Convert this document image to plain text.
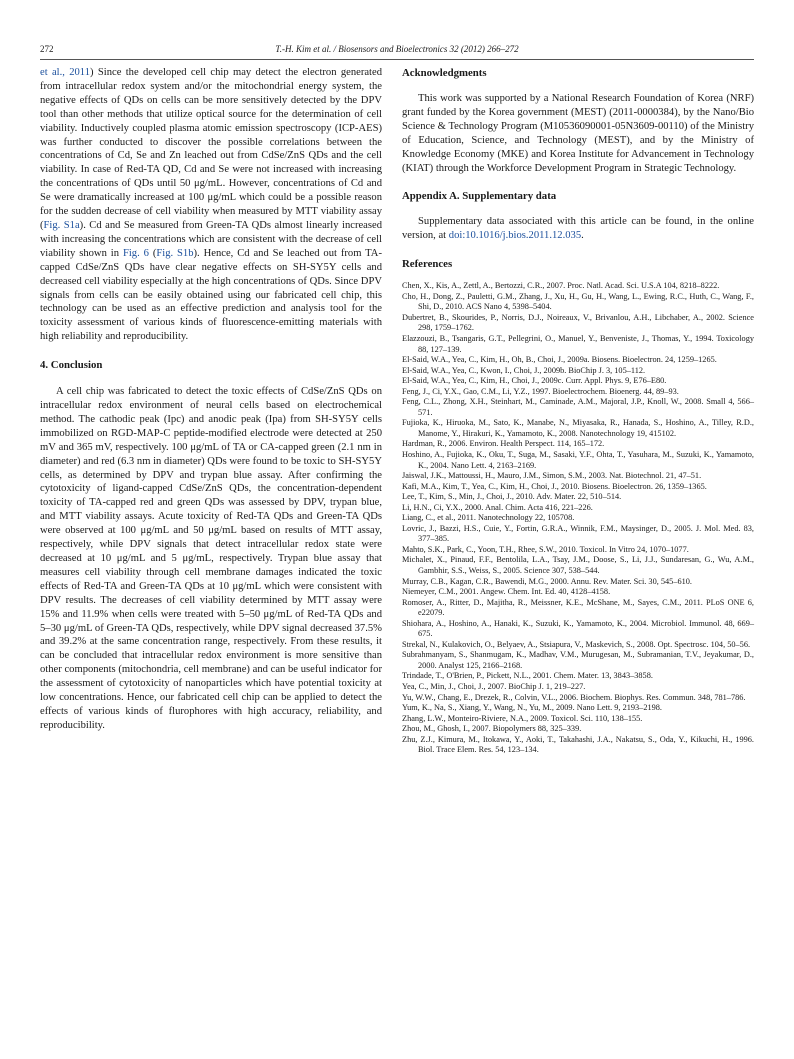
272	T.-H. Kim et al. / Biosensors and Bioelectronics 32 (2012) 266–272

et al., 2011) Since the developed cell chip may detect the electron generated from intracellular redox system and/or the mitochondrial energy system, the negative effects of QDs on cells can be more sensitively detected by the DPV tool than other methods that utilize optical source for the determination of cell viability. Inductively coupled plasma atomic emission spectroscopy (ICP-AES) was further conducted to discover the possible correlations between the concentrations of Cd, Se and Zn leached out from CdSe/ZnS QDs and the cell viability. In case of Red-TA QD, Cd and Se were not increased with increasing the concentrations of QDs until 50 μg/mL. However, concentrations of Cd and Se were dramatically increased at 100 μg/mL which could be a possible reason for the sudden decrease of cell viability when measured by MTT viability assay (Fig. S1a). Cd and Se measured from Green-TA QDs almost linearly increased with increasing the concentrations which are consistent with the decrease of cell viability shown in Fig. 6 (Fig. S1b). Hence, Cd and Se leached out from TA-capped CdSe/ZnS QDs have clear negative effects on SH-SY5Y cells and decreased cell viability especially at the high concentrations of QDs. Since DPV signals from cells can be easily obtained using our fabricated cell chip, this technology can be used as an effective prediction and analysis tool for the toxicity assessment of various kinds of fluorescence-emitting materials with high reliability and reproducibility.

4. Conclusion

A cell chip was fabricated to detect the toxic effects of CdSe/ZnS QDs on intracellular redox environment of neural cells based on electrochemical method. The cathodic peak (Ipc) and anodic peak (Ipa) from SH-SY5Y cells immobilized on RGD-MAP-C peptide-modified electrode were detected at 250 mV and 365 mV, respectively. 100 μg/mL of TA or CA-capped green (2.1 nm in diameter) and red (6.3 nm in diameter) QDs were found to be toxic to SH-SY5Y cells, as determined by DPV and trypan blue assay. After confirming the cytotoxicity of ligand-capped CdSe/ZnS QDs, the concentration-dependent toxicity of TA-capped red and green QDs was assessed by DPV, trypan blue, and MTT viability assays. Acute toxicity of Red-TA QDs and Green-TA QDs were observed at 100 μg/mL and 50 μg/mL based on results of MTT assay, respectively, while DPV signals that detect intracellular redox state were decreased at 10 μg/mL and 5 μg/mL, respectively. Trypan blue assay that measures cell viability through cell membrane damages indicated the toxic effects of Red-TA and Green-TA QDs at 10 μg/mL which were consistent with DPV results. The decreases of cell viability determined by MTT assay were 15% and 11.9% when cells were treated with 5–50 μg/mL of Red-TA QDs and 5–30 μg/mL of Green-TA QDs, respectively, while DPV signal decreased 37.5% and 39.2% at the same concentration range, respectively. From these results, it can be concluded that intracellular redox environment is more sensitive than other components (mitochondria, cell membrane) and can be useful indicator for the assessment of cytotoxicity of nanoparticles which have potential toxicity at low concentrations. Hence, our fabricated cell chip can be applied to detect the effects of various kinds of flurophores with high accuracy, reliability, and reproducibility.

Acknowledgments

This work was supported by a National Research Foundation of Korea (NRF) grant funded by the Korea government (MEST) (2011-0000384), by the Nano/Bio Science & Technology Program (M10536090001-05N3609-00110) of the Ministry of Education, Science, and Technology (MEST), and by the Ministry of Knowledge Economy (MKE) and Korea Institute for Advancement in Technology (KIAT) through the Workforce Development Program in Strategic Technology.

Appendix A. Supplementary data

Supplementary data associated with this article can be found, in the online version, at doi:10.1016/j.bios.2011.12.035.

References
Chen, X., Kis, A., Zettl, A., Bertozzi, C.R., 2007. Proc. Natl. Acad. Sci. U.S.A 104, 8218–8222.
Cho, H., Dong, Z., Pauletti, G.M., Zhang, J., Xu, H., Gu, H., Wang, L., Ewing, R.C., Huth, C., Wang, F., Shi, D., 2010. ACS Nano 4, 5398–5404.
Dubertret, B., Skourides, P., Norris, D.J., Noireaux, V., Brivanlou, A.H., Libchaber, A., 2002. Science 298, 1759–1762.
Elazzouzi, B., Tsangaris, G.T., Pellegrini, O., Manuel, Y., Benveniste, J., Thomas, Y., 1994. Toxicology 88, 127–139.
El-Said, W.A., Yea, C., Kim, H., Oh, B., Choi, J., 2009a. Biosens. Bioelectron. 24, 1259–1265.
El-Said, W.A., Yea, C., Kwon, I., Choi, J., 2009b. BioChip J. 3, 105–112.
El-Said, W.A., Yea, C., Kim, H., Choi, J., 2009c. Curr. Appl. Phys. 9, E76–E80.
Feng, J., Ci, Y.X., Gao, C.M., Li, Y.Z., 1997. Bioelectrochem. Bioenerg. 44, 89–93.
Feng, C.L., Zhong, X.H., Steinhart, M., Caminade, A.M., Majoral, J.P., Knoll, W., 2008. Small 4, 566–571.
Fujioka, K., Hiruoka, M., Sato, K., Manabe, N., Miyasaka, R., Hanada, S., Hoshino, A., Tilley, R.D., Manome, Y., Hirakuri, K., Yamamoto, K., 2008. Nanotechnology 19, 415102.
Hardman, R., 2006. Environ. Health Perspect. 114, 165–172.
Hoshino, A., Fujioka, K., Oku, T., Suga, M., Sasaki, Y.F., Ohta, T., Yasuhara, M., Suzuki, K., Yamamoto, K., 2004. Nano Lett. 4, 2163–2169.
Jaiswal, J.K., Mattoussi, H., Mauro, J.M., Simon, S.M., 2003. Nat. Biotechnol. 21, 47–51.
Kafi, M.A., Kim, T., Yea, C., Kim, H., Choi, J., 2010. Biosens. Bioelectron. 26, 1359–1365.
Lee, T., Kim, S., Min, J., Choi, J., 2010. Adv. Mater. 22, 510–514.
Li, H.N., Ci, Y.X., 2000. Anal. Chim. Acta 416, 221–226.
Liang, C., et al., 2011. Nanotechnology 22, 105708.
Lovric, J., Bazzi, H.S., Cuie, Y., Fortin, G.R.A., Winnik, F.M., Maysinger, D., 2005. J. Mol. Med. 83, 377–385.
Mahto, S.K., Park, C., Yoon, T.H., Rhee, S.W., 2010. Toxicol. In Vitro 24, 1070–1077.
Michalet, X., Pinaud, F.F., Bentolila, L.A., Tsay, J.M., Doose, S., Li, J.J., Sundaresan, G., Wu, A.M., Gambhir, S.S., Weiss, S., 2005. Science 307, 538–544.
Murray, C.B., Kagan, C.R., Bawendi, M.G., 2000. Annu. Rev. Mater. Sci. 30, 545–610.
Niemeyer, C.M., 2001. Angew. Chem. Int. Ed. 40, 4128–4158.
Romoser, A., Ritter, D., Majitha, R., Meissner, K.E., McShane, M., Sayes, C.M., 2011. PLoS ONE 6, e22079.
Shiohara, A., Hoshino, A., Hanaki, K., Suzuki, K., Yamamoto, K., 2004. Microbiol. Immunol. 48, 669–675.
Strekal, N., Kulakovich, O., Belyaev, A., Stsiapura, V., Maskevich, S., 2008. Opt. Spectrosc. 104, 50–56.
Subrahmanyam, S., Shanmugam, K., Madhav, V.M., Murugesan, M., Subramanian, T.V., Jeyakumar, D., 2000. Analyst 125, 2166–2168.
Trindade, T., O'Brien, P., Pickett, N.L., 2001. Chem. Mater. 13, 3843–3858.
Yea, C., Min, J., Choi, J., 2007. BioChip J. 1, 219–227.
Yu, W.W., Chang, E., Drezek, R., Colvin, V.L., 2006. Biochem. Biophys. Res. Commun. 348, 781–786.
Yum, K., Na, S., Xiang, Y., Wang, N., Yu, M., 2009. Nano Lett. 9, 2193–2198.
Zhang, L.W., Monteiro-Riviere, N.A., 2009. Toxicol. Sci. 110, 138–155.
Zhou, M., Ghosh, I., 2007. Biopolymers 88, 325–339.
Zhu, Z.J., Kimura, M., Itokawa, Y., Aoki, T., Takahashi, J.A., Nakatsu, S., Oda, Y., Kikuchi, H., 1996. Biol. Trace Elem. Res. 54, 123–134.
